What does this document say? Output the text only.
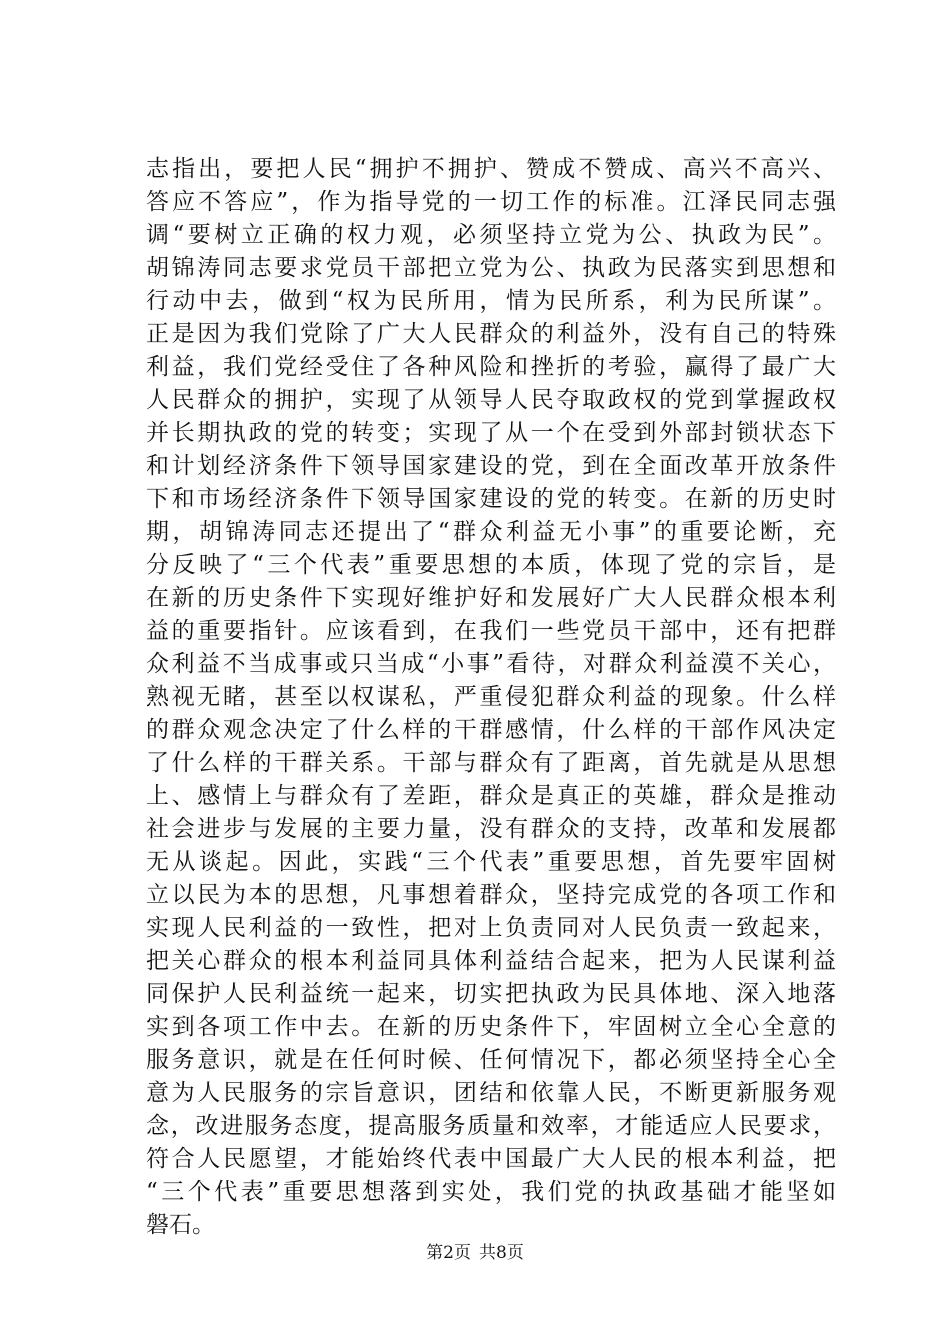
志指出，要把人民“拥护不拥护、赞成不赞成、高兴不高兴、
答应不答应”，作为指导党的一切工作的标准。江泽民同志强
调“要树立正确的权力观，必须坚持立党为公、执政为民”。
胡锦涛同志要求党员干部把立党为公、执政为民落实到思想和
行动中去，做到“权为民所用，情为民所系，利为民所谋”。
正是因为我们党除了广大人民群众的利益外，没有自己的特殊
利益，我们党经受住了各种风险和挫折的考验，赢得了最广大
人民群众的拥护，实现了从领导人民夺取政权的党到掌握政权
并长期执政的党的转变；实现了从一个在受到外部封锁状态下
和计划经济条件下领导国家建设的党，到在全面改革开放条件
下和市场经济条件下领导国家建设的党的转变。在新的历史时
期，胡锦涛同志还提出了“群众利益无小事”的重要论断，充
分反映了“三个代表”重要思想的本质，体现了党的宗旨，是
在新的历史条件下实现好维护好和发展好广大人民群众根本利
益的重要指针。应该看到，在我们一些党员干部中，还有把群
众利益不当成事或只当成“小事”看待，对群众利益漠不关心，
熟视无睹，甚至以权谋私，严重侵犯群众利益的现象。什么样
的群众观念决定了什么样的干群感情，什么样的干部作风决定
了什么样的干群关系。干部与群众有了距离，首先就是从思想
上、感情上与群众有了差距，群众是真正的英雄，群众是推动
社会进步与发展的主要力量，没有群众的支持，改革和发展都
无从谈起。因此，实践“三个代表”重要思想，首先要牢固树
立以民为本的思想，凡事想着群众，坚持完成党的各项工作和
实现人民利益的一致性，把对上负责同对人民负责一致起来，
把关心群众的根本利益同具体利益结合起来，把为人民谋利益
同保护人民利益统一起来，切实把执政为民具体地、深入地落
实到各项工作中去。在新的历史条件下，牢固树立全心全意的
服务意识，就是在任何时候、任何情况下，都必须坚持全心全
意为人民服务的宗旨意识，团结和依靠人民，不断更新服务观
念，改进服务态度，提高服务质量和效率，才能适应人民要求，
符合人民愿望，才能始终代表中国最广大人民的根本利益，把
“三个代表”重要思想落到实处，我们党的执政基础才能坚如
磐石。
第2页 共8页
